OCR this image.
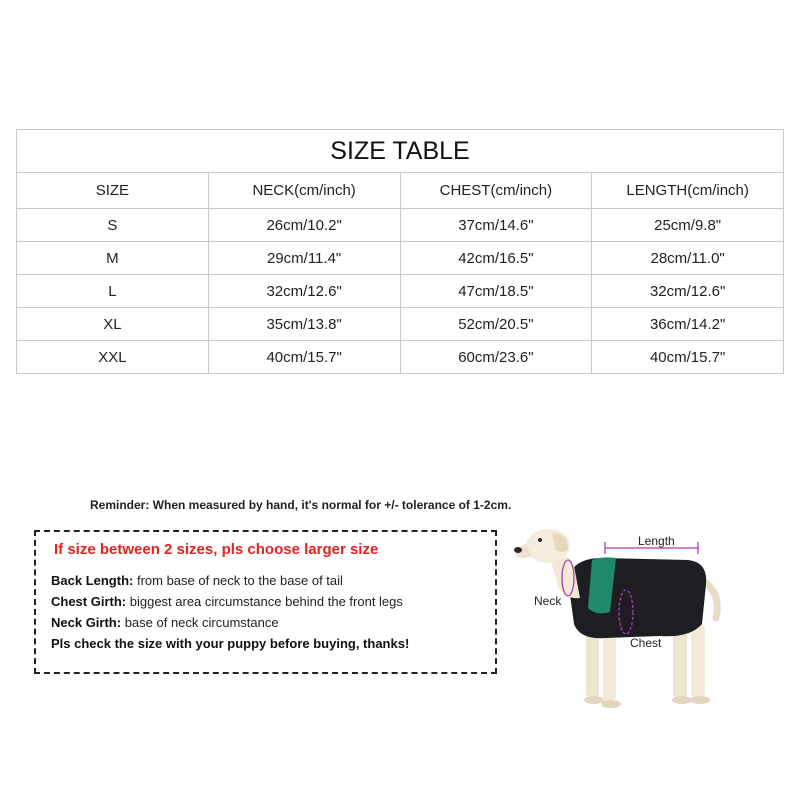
SIZE TABLE			
SIZE	NECK(cm/inch)	CHEST(cm/inch)	LENGTH(cm/inch)
S	26cm/10.2"	37cm/14.6"	25cm/9.8"
M	29cm/11.4"	42cm/16.5"	28cm/11.0"
L	32cm/12.6"	47cm/18.5"	32cm/12.6"
XL	35cm/13.8"	52cm/20.5"	36cm/14.2"
XXL	40cm/15.7"	60cm/23.6"	40cm/15.7"
Reminder: When measured by hand, it's normal for +/- tolerance of 1-2cm.
If size between 2 sizes, pls choose larger size
Back Length: from base of neck to the base of tail
Chest Girth: biggest area circumstance behind the front legs
Neck Girth: base of neck circumstance
Pls check the size with your puppy before buying, thanks!
Length
Neck
Chest
